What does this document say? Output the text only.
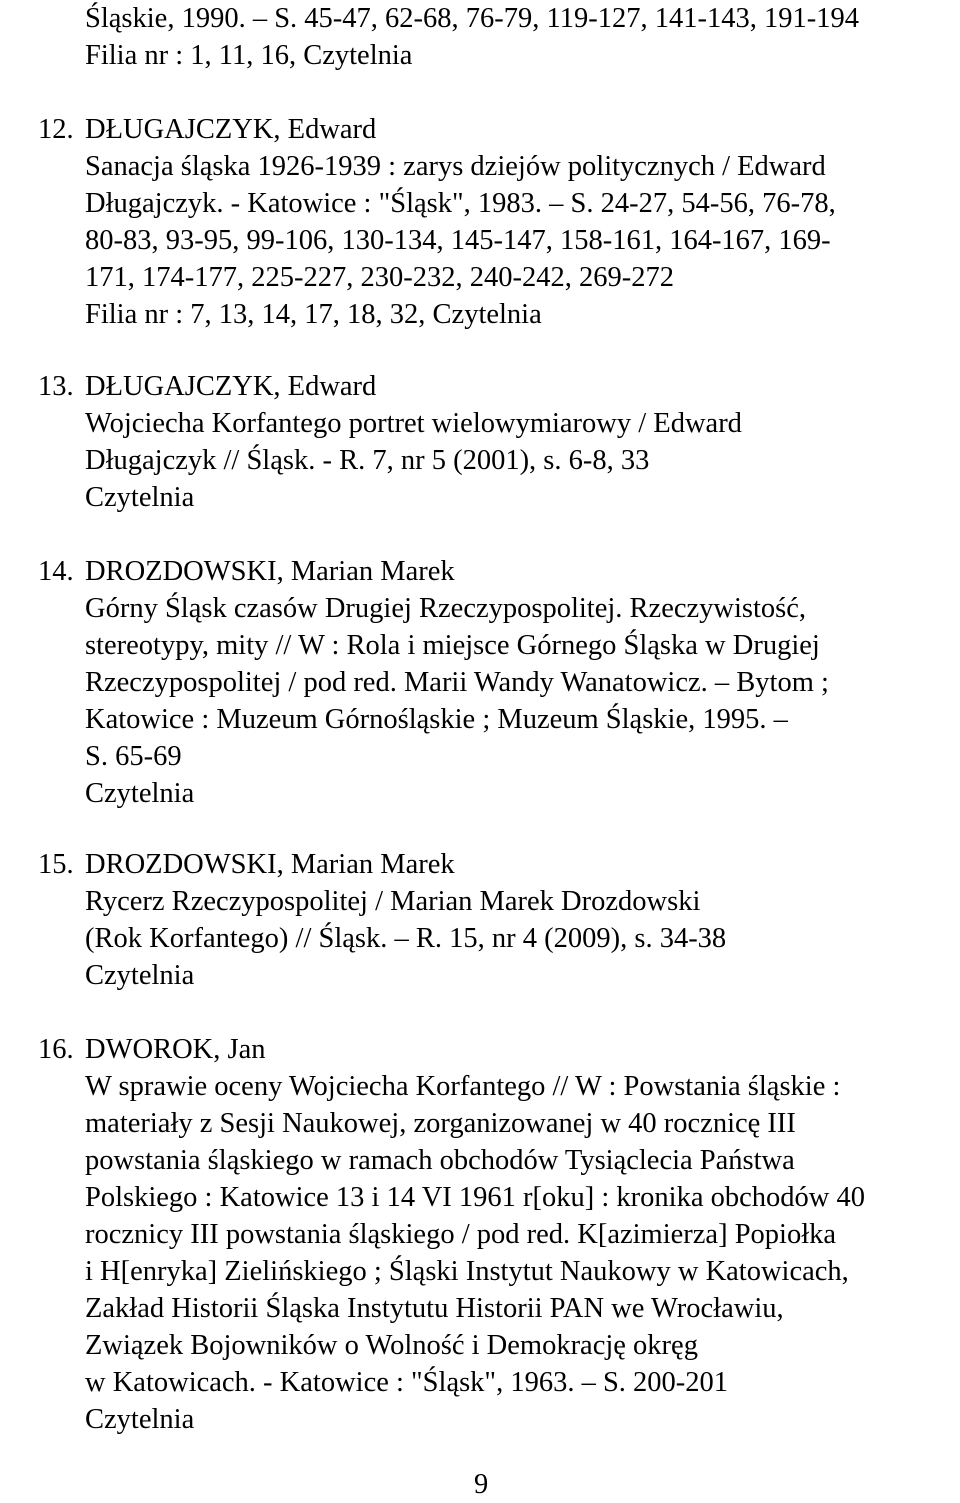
Śląskie, 1990. – S. 45-47, 62-68, 76-79, 119-127, 141-143, 191-194
Filia nr : 1, 11, 16, Czytelnia
12. DŁUGAJCZYK, Edward
Sanacja śląska 1926-1939 : zarys dziejów politycznych / Edward
Długajczyk. - Katowice : "Śląsk", 1983. – S. 24-27, 54-56, 76-78,
80-83, 93-95, 99-106, 130-134, 145-147, 158-161, 164-167, 169-
171, 174-177, 225-227, 230-232, 240-242, 269-272
Filia nr : 7, 13, 14, 17, 18, 32, Czytelnia
13. DŁUGAJCZYK, Edward
Wojciecha Korfantego portret wielowymiarowy / Edward
Długajczyk // Śląsk. - R. 7, nr 5 (2001), s. 6-8, 33
Czytelnia
14. DROZDOWSKI, Marian Marek
Górny Śląsk czasów Drugiej Rzeczypospolitej. Rzeczywistość,
stereotypy, mity // W : Rola i miejsce Górnego Śląska w Drugiej
Rzeczypospolitej / pod red. Marii Wandy Wanatowicz. – Bytom ;
Katowice : Muzeum Górnośląskie ; Muzeum Śląskie, 1995. –
S. 65-69
Czytelnia
15. DROZDOWSKI, Marian Marek
Rycerz Rzeczypospolitej / Marian Marek Drozdowski
(Rok Korfantego) // Śląsk. – R. 15, nr 4 (2009), s. 34-38
Czytelnia
16. DWOROK, Jan
W sprawie oceny Wojciecha Korfantego // W : Powstania śląskie :
materiały z Sesji Naukowej, zorganizowanej w 40 rocznicę III
powstania śląskiego w ramach obchodów Tysiąclecia Państwa
Polskiego : Katowice 13 i 14 VI 1961 r[oku] : kronika obchodów 40
rocznicy III powstania śląskiego / pod red. K[azimierza] Popiołka
i H[enryka] Zielińskiego ; Śląski Instytut Naukowy w Katowicach,
Zakład Historii Śląska Instytutu Historii PAN we Wrocławiu,
Związek Bojowników o Wolność i Demokrację okręg
w Katowicach. - Katowice : "Śląsk", 1963. – S. 200-201
Czytelnia
9
